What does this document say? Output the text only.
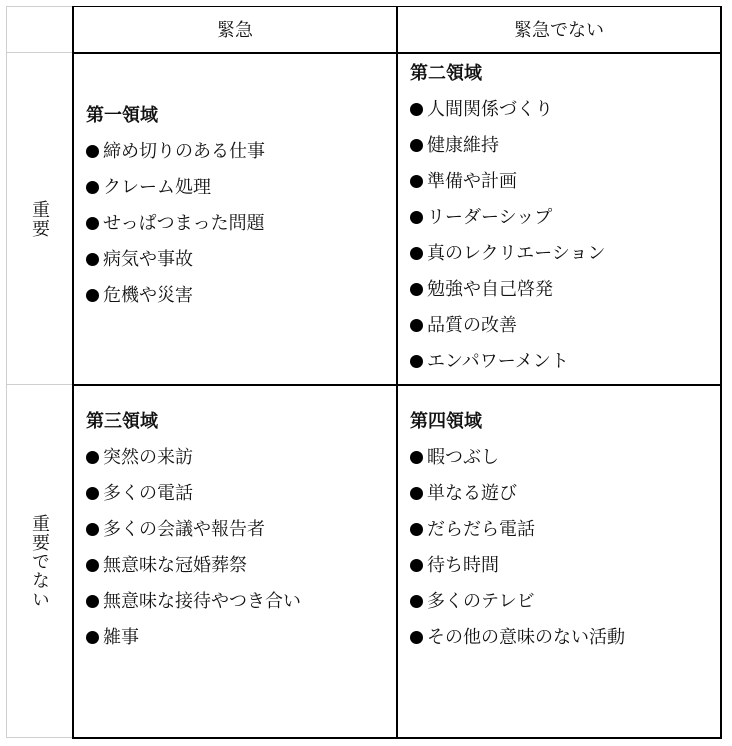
緊急	緊急でない
重要
重要でない
第一領域
締め切りのある仕事
クレーム処理
せっぱつまった問題
病気や事故
危機や災害
第二領域
人間関係づくり
健康維持
準備や計画
リーダーシップ
真のレクリエーション
勉強や自己啓発
品質の改善
エンパワーメント
第三領域
突然の来訪
多くの電話
多くの会議や報告者
無意味な冠婚葬祭
無意味な接待やつき合い
雑事
第四領域
暇つぶし
単なる遊び
だらだら電話
待ち時間
多くのテレビ
その他の意味のない活動
